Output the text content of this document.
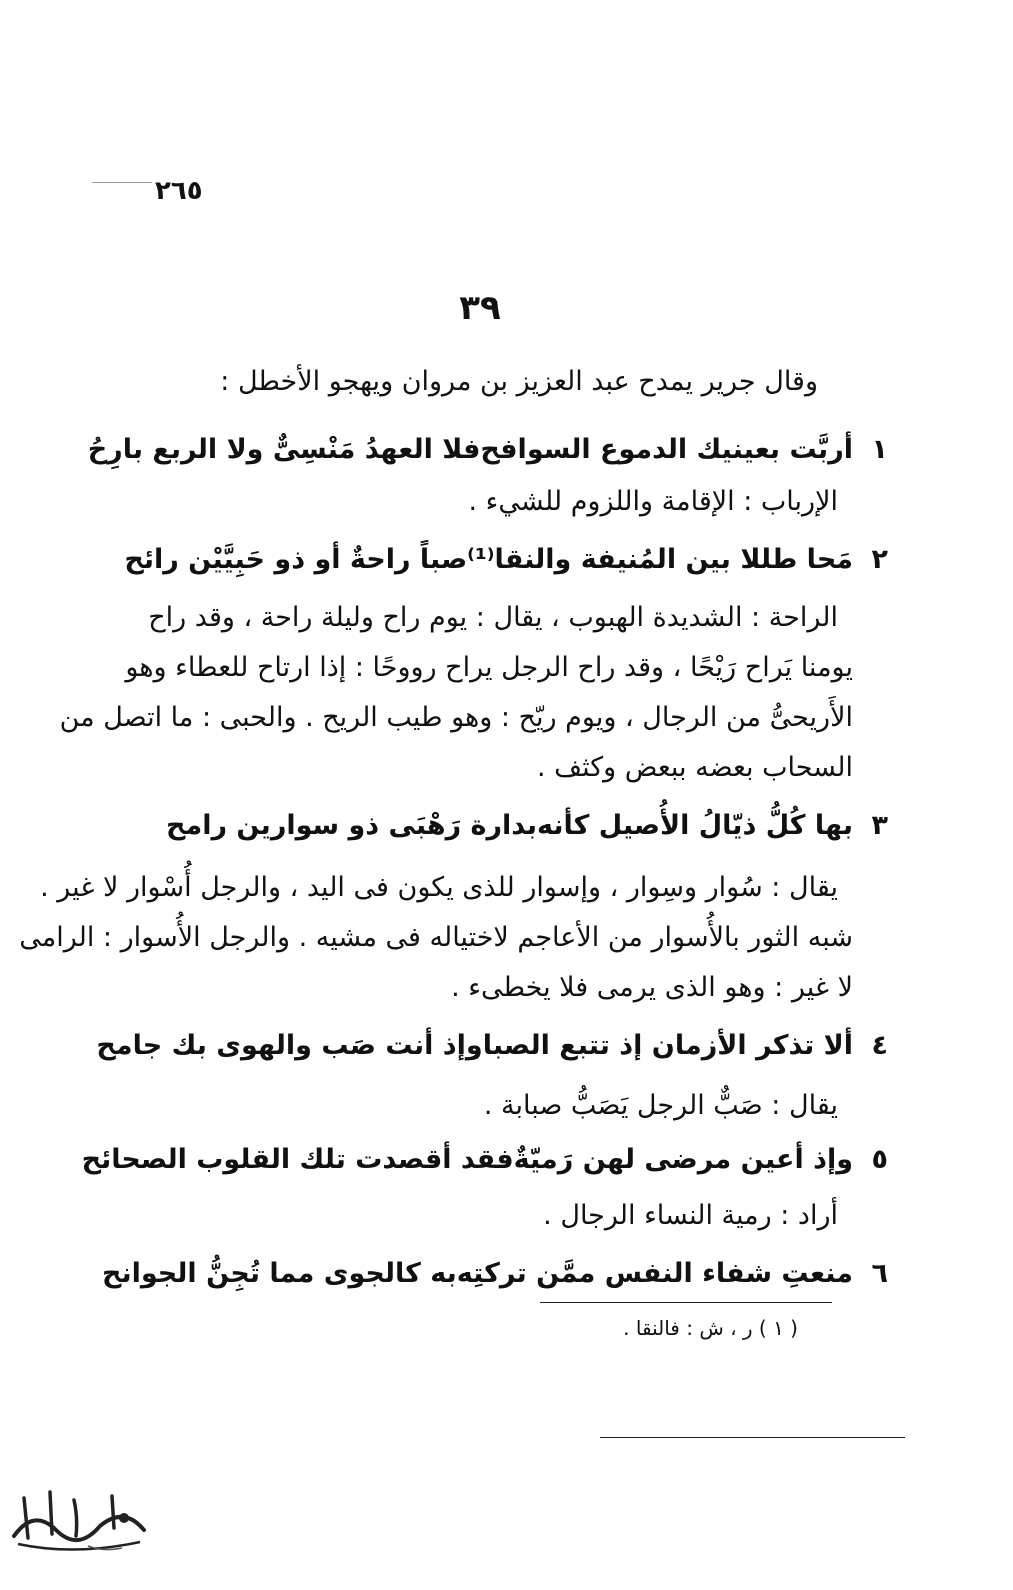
٢٦٥
٣٩
وقال جرير يمدح عبد العزيز بن مروان ويهجو الأخطل :
١
أربَّت بعينيك الدموع السوافح
فلا العهدُ مَنْسِىٌّ ولا الربع بارِحُ
الإرباب : الإقامة واللزوم للشيء .
٢
مَحا طللا بين المُنيفة والنقا⁽¹⁾
صباً راحةٌ أو ذو حَبِيَّيْن رائح
الراحة : الشديدة الهبوب ، يقال : يوم راح وليلة راحة ، وقد راح
يومنا يَراح رَيْحًا ، وقد راح الرجل يراح رووحًا : إذا ارتاح للعطاء وهو
الأَريحىُّ من الرجال ، ويوم ريّح : وهو طيب الريح . والحبى : ما اتصل من
السحاب بعضه ببعض وكثف .
٣
بها كُلُّ ذيّالُ الأُصيل كأنه
بدارة رَهْبَى ذو سوارين رامح
يقال : سُوار وسِوار ، وإسوار للذى يكون فى اليد ، والرجل أُسْوار لا غير .
شبه الثور بالأُسوار من الأعاجم لاختياله فى مشيه . والرجل الأُسوار : الرامى
لا غير : وهو الذى يرمى فلا يخطىء .
٤
ألا تذكر الأزمان إذ تتبع الصبا
وإذ أنت صَب والهوى بك جامح
يقال : صَبٌّ الرجل يَصَبُّ صبابة .
٥
وإذ أعين مرضى لهن رَميّةٌ
فقد أقصدت تلك القلوب الصحائح
أراد : رمية النساء الرجال .
٦
منعتِ شفاء النفس ممَّن تركتِه
به كالجوى مما تُجِنُّ الجوانح
( ١ ) ر ، ش : فالنقا .
